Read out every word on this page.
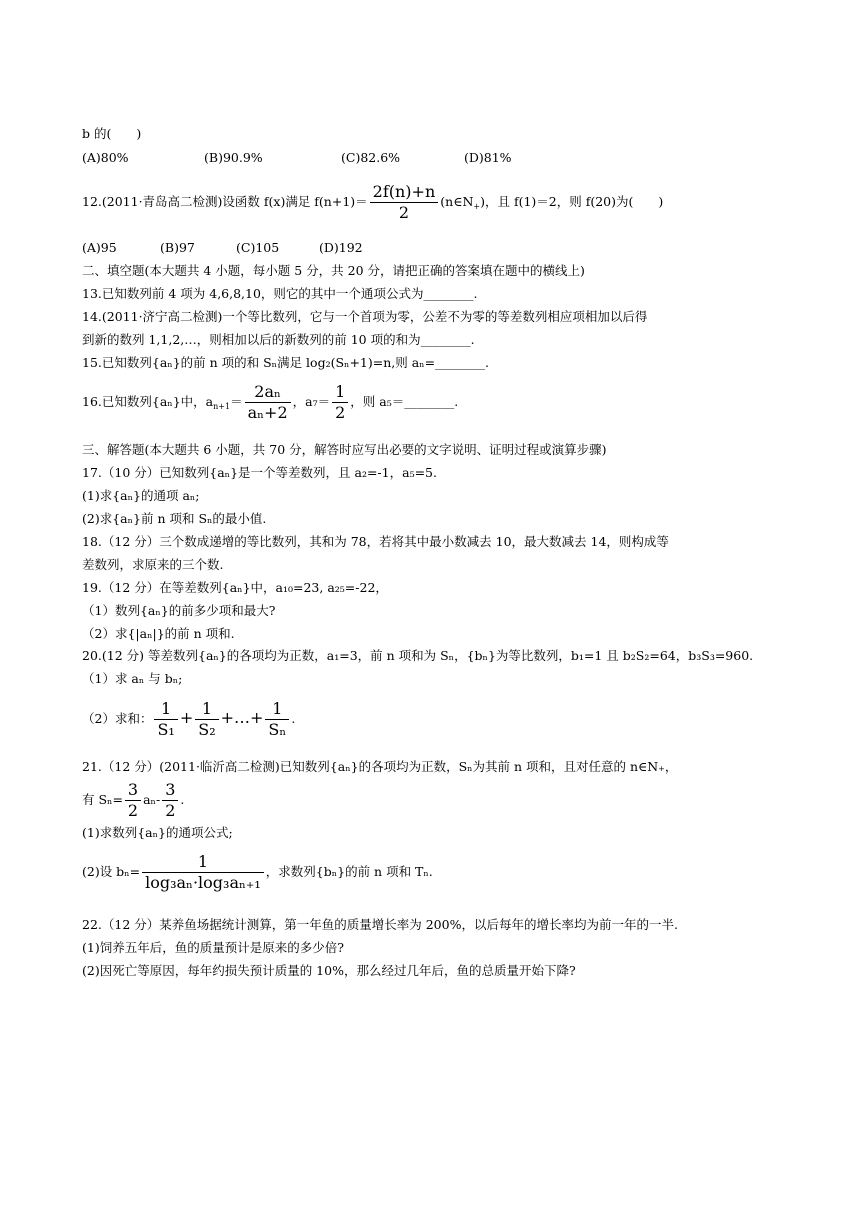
b 的(　　)
(A)80%	(B)90.9%	(C)82.6%	(D)81%
12.(2011·青岛高二检测)设函数 f(x)满足 $f(n+1)= \frac{2f(n)+n}{2}$ $(n\in N_+)$，且 f(1)＝2，则 f(20)为(　　)
(A)95	(B)97	(C)105	(D)192
二、填空题(本大题共 4 小题，每小题 5 分，共 20 分，请把正确的答案填在题中的横线上)
13.已知数列前 4 项为 4,6,8,10，则它的其中一个通项公式为________.
14.(2011·济宁高二检测)一个等比数列，它与一个首项为零，公差不为零的等差数列相应项相加以后得
到新的数列 1,1,2,…，则相加以后的新数列的前 10 项的和为________.
15.已知数列{aₙ}的前 n 项的和 Sₙ满足 log₂(Sₙ+1)=n,则 aₙ=________.
16.已知数列{aₙ}中，$a_{n+1}= \frac{\text{2aₙ}}{\text{aₙ+2}}$ ，$a_7= \frac{1}{2}$ ，则 a₅＝________.
三、解答题(本大题共 6 小题，共 70 分，解答时应写出必要的文字说明、证明过程或演算步骤)
17.（10 分）已知数列{aₙ}是一个等差数列，且 a₂=-1，a₅=5.
(1)求{aₙ}的通项 aₙ;
(2)求{aₙ}前 n 项和 Sₙ的最小值.
18.（12 分）三个数成递增的等比数列，其和为 78，若将其中最小数减去 10，最大数减去 14，则构成等
差数列，求原来的三个数.
19.（12 分）在等差数列{aₙ}中，a₁₀=23, a₂₅=-22，
（1）数列{aₙ}的前多少项和最大?
（2）求{|aₙ|}的前 n 项和.
20.(12 分) 等差数列{aₙ}的各项均为正数，a₁=3，前 n 项和为 Sₙ，{bₙ}为等比数列，b₁=1 且 b₂S₂=64，b₃S₃=960.
（1）求 aₙ 与 bₙ;
（2）求和： $\frac{1}{\text{S₁}} + \frac{1}{\text{S₂}}$ +…+ $\frac{1}{\text{Sₙ}}$ .
21.（12 分）(2011·临沂高二检测)已知数列{aₙ}的各项均为正数，Sₙ为其前 n 项和，且对任意的 n∈N₊，
有 $S_n= \frac{3}{2} a_n- \frac{3}{2}$ .
(1)求数列{aₙ}的通项公式;
(2)设 $b_n= \frac{1}{\text{log₃aₙ·log₃aₙ₊₁}}$ ，求数列{bₙ}的前 n 项和 Tₙ.
22.（12 分）某养鱼场据统计测算，第一年鱼的质量增长率为 200%，以后每年的增长率均为前一年的一半.
(1)饲养五年后，鱼的质量预计是原来的多少倍?
(2)因死亡等原因，每年约损失预计质量的 10%，那么经过几年后，鱼的总质量开始下降?
